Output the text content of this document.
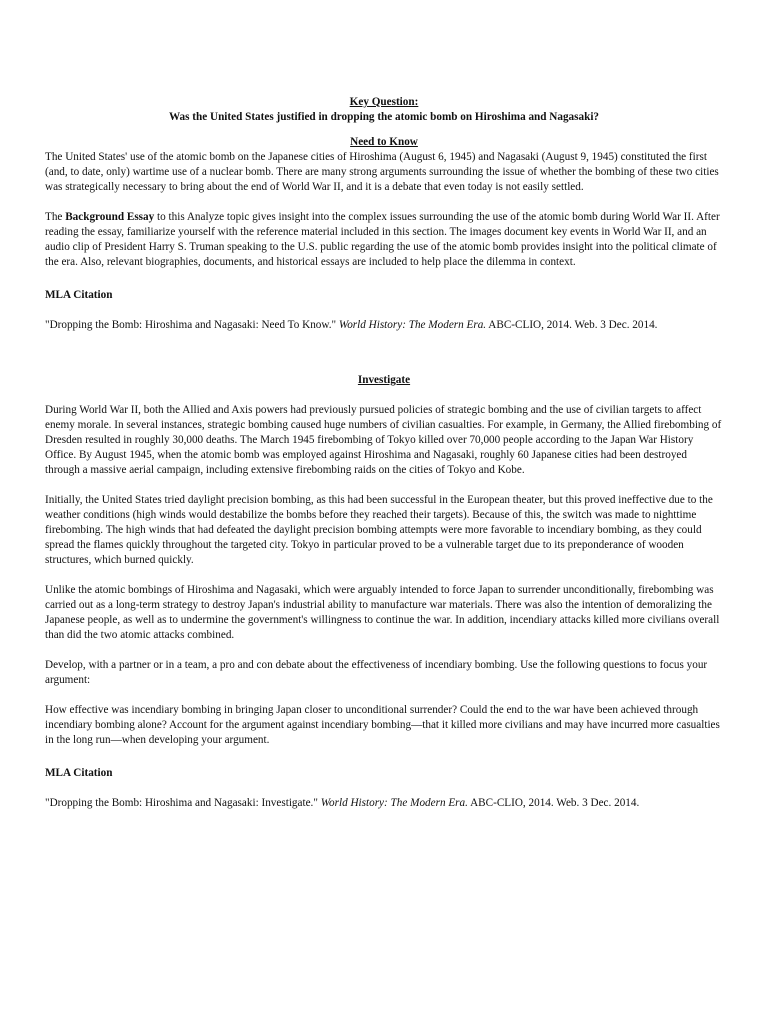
Key Question:
Was the United States justified in dropping the atomic bomb on Hiroshima and Nagasaki?
Need to Know

The United States' use of the atomic bomb on the Japanese cities of Hiroshima (August 6, 1945) and Nagasaki (August 9, 1945) constituted the first (and, to date, only) wartime use of a nuclear bomb. There are many strong arguments surrounding the issue of whether the bombing of these two cities was strategically necessary to bring about the end of World War II, and it is a debate that even today is not easily settled.

The Background Essay to this Analyze topic gives insight into the complex issues surrounding the use of the atomic bomb during World War II. After reading the essay, familiarize yourself with the reference material included in this section. The images document key events in World War II, and an audio clip of President Harry S. Truman speaking to the U.S. public regarding the use of the atomic bomb provides insight into the political climate of the era. Also, relevant biographies, documents, and historical essays are included to help place the dilemma in context.

MLA Citation

"Dropping the Bomb: Hiroshima and Nagasaki: Need To Know." World History: The Modern Era. ABC-CLIO, 2014. Web. 3 Dec. 2014.

Investigate

During World War II, both the Allied and Axis powers had previously pursued policies of strategic bombing and the use of civilian targets to affect enemy morale. In several instances, strategic bombing caused huge numbers of civilian casualties. For example, in Germany, the Allied firebombing of Dresden resulted in roughly 30,000 deaths. The March 1945 firebombing of Tokyo killed over 70,000 people according to the Japan War History Office. By August 1945, when the atomic bomb was employed against Hiroshima and Nagasaki, roughly 60 Japanese cities had been destroyed through a massive aerial campaign, including extensive firebombing raids on the cities of Tokyo and Kobe.

Initially, the United States tried daylight precision bombing, as this had been successful in the European theater, but this proved ineffective due to the weather conditions (high winds would destabilize the bombs before they reached their targets). Because of this, the switch was made to nighttime firebombing. The high winds that had defeated the daylight precision bombing attempts were more favorable to incendiary bombing, as they could spread the flames quickly throughout the targeted city. Tokyo in particular proved to be a vulnerable target due to its preponderance of wooden structures, which burned quickly.

Unlike the atomic bombings of Hiroshima and Nagasaki, which were arguably intended to force Japan to surrender unconditionally, firebombing was carried out as a long-term strategy to destroy Japan's industrial ability to manufacture war materials. There was also the intention of demoralizing the Japanese people, as well as to undermine the government's willingness to continue the war. In addition, incendiary attacks killed more civilians overall than did the two atomic attacks combined.

Develop, with a partner or in a team, a pro and con debate about the effectiveness of incendiary bombing. Use the following questions to focus your argument:

How effective was incendiary bombing in bringing Japan closer to unconditional surrender? Could the end to the war have been achieved through incendiary bombing alone? Account for the argument against incendiary bombing—that it killed more civilians and may have incurred more casualties in the long run—when developing your argument.

MLA Citation

"Dropping the Bomb: Hiroshima and Nagasaki: Investigate." World History: The Modern Era. ABC-CLIO, 2014. Web. 3 Dec. 2014.
